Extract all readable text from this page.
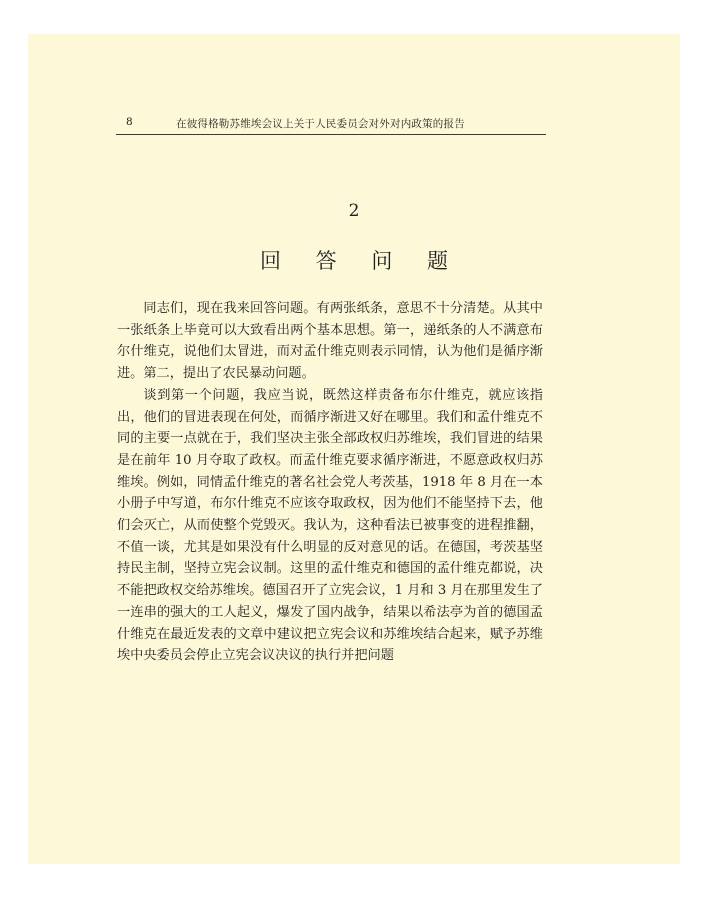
8	在彼得格勒苏维埃会议上关于人民委员会对外对内政策的报告
2
回 答 问 题

同志们，现在我来回答问题。有两张纸条，意思不十分清楚。从其中一张纸条上毕竟可以大致看出两个基本思想。第一，递纸条的人不满意布尔什维克，说他们太冒进，而对孟什维克则表示同情，认为他们是循序渐进。第二，提出了农民暴动问题。

谈到第一个问题，我应当说，既然这样责备布尔什维克，就应该指出，他们的冒进表现在何处，而循序渐进又好在哪里。我们和孟什维克不同的主要一点就在于，我们坚决主张全部政权归苏维埃，我们冒进的结果是在前年 10 月夺取了政权。而孟什维克要求循序渐进，不愿意政权归苏维埃。例如，同情孟什维克的著名社会党人考茨基，1918 年 8 月在一本小册子中写道，布尔什维克不应该夺取政权，因为他们不能坚持下去，他们会灭亡，从而使整个党毁灭。我认为，这种看法已被事变的进程推翻，不值一谈，尤其是如果没有什么明显的反对意见的话。在德国，考茨基坚持民主制，坚持立宪会议制。这里的孟什维克和德国的孟什维克都说，决不能把政权交给苏维埃。德国召开了立宪会议，1 月和 3 月在那里发生了一连串的强大的工人起义，爆发了国内战争，结果以希法亭为首的德国孟什维克在最近发表的文章中建议把立宪会议和苏维埃结合起来，赋予苏维埃中央委员会停止立宪会议决议的执行并把问题
